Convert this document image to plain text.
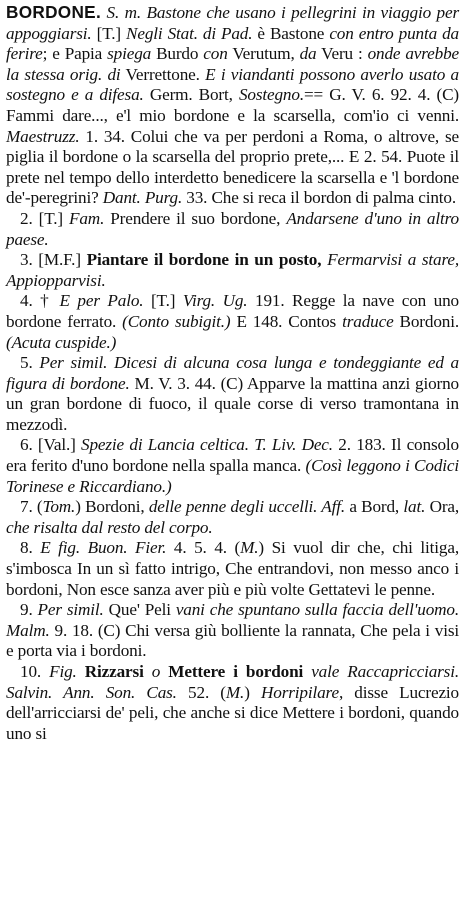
BORDONE. S. m. Bastone che usano i pellegrini in viaggio per appoggiarsi. [T.] Negli Stat. di Pad. è Bastone con entro punta da ferire; e Papia spiega Burdo con Verutum, da Veru : onde avrebbe la stessa orig. di Verrettone. E i viandanti possono averlo usato a sostegno e a difesa. Germ. Bort, Sostegno.== G. V. 6. 92. 4. (C) Fammi dare..., e'l mio bordone e la scarsella, com'io ci venni. Maestruzz. 1. 34. Colui che va per perdoni a Roma, o altrove, se piglia il bordone o la scarsella del proprio prete,... E 2. 54. Puote il prete nel tempo dello interdetto benedicere la scarsella e 'l bordone de'-peregrini? Dant. Purg. 33. Che si reca il bordon di palma cinto.

2. [T.] Fam. Prendere il suo bordone, Andarsene d'uno in altro paese.

3. [M.F.] Piantare il bordone in un posto, Fermarvisi a stare, Appiopparvisi.

4. † E per Palo. [T.] Virg. Ug. 191. Regge la nave con uno bordone ferrato. (Conto subigit.) E 148. Contos traduce Bordoni. (Acuta cuspide.)

5. Per simil. Dicesi di alcuna cosa lunga e tondeggiante ed a figura di bordone. M. V. 3. 44. (C) Apparve la mattina anzi giorno un gran bordone di fuoco, il quale corse di verso tramontana in mezzodì.

6. [Val.] Spezie di Lancia celtica. T. Liv. Dec. 2. 183. Il consolo era ferito d'uno bordone nella spalla manca. (Così leggono i Codici Torinese e Riccardiano.)

7. (Tom.) Bordoni, delle penne degli uccelli. Aff. a Bord, lat. Ora, che risalta dal resto del corpo.

8. E fig. Buon. Fier. 4. 5. 4. (M.) Si vuol dir che, chi litiga, s'imbosca In un sì fatto intrigo, Che entrandovi, non messo anco i bordoni, Non esce sanza aver più e più volte Gettatevi le penne.

9. Per simil. Que' Peli vani che spuntano sulla faccia dell'uomo. Malm. 9. 18. (C) Chi versa giù bolliente la rannata, Che pela i visi e porta via i bordoni.

10. Fig. Rizzarsi o Mettere i bordoni vale Raccapricciarsi. Salvin. Ann. Son. Cas. 52. (M.) Horripilare, disse Lucrezio dell'arricciarsi de' peli, che anche si dice Mettere i bordoni, quando uno si
